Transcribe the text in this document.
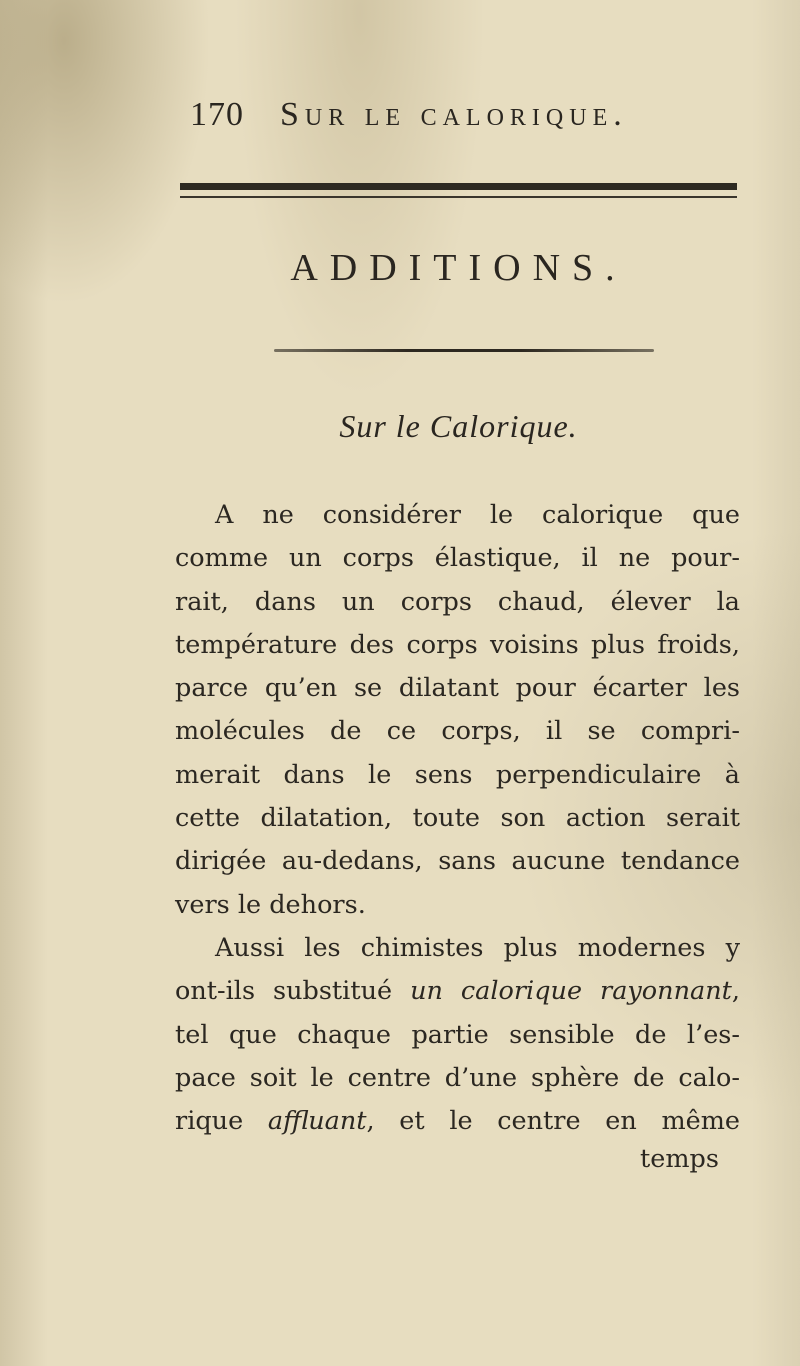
170 Sur le calorique.
ADDITIONS.
Sur le Calorique.
A ne considérer le calorique que
comme un corps élastique, il ne pour-
rait, dans un corps chaud, élever la
température des corps voisins plus froids,
parce qu’en se dilatant pour écarter les
molécules de ce corps, il se compri-
merait dans le sens perpendiculaire à
cette dilatation, toute son action serait
dirigée au-dedans, sans aucune tendance
vers le dehors.
Aussi les chimistes plus modernes y
ont-ils substitué un calorique rayonnant,
tel que chaque partie sensible de l’es-
pace soit le centre d’une sphère de calo-
rique affluant, et le centre en même
temps
